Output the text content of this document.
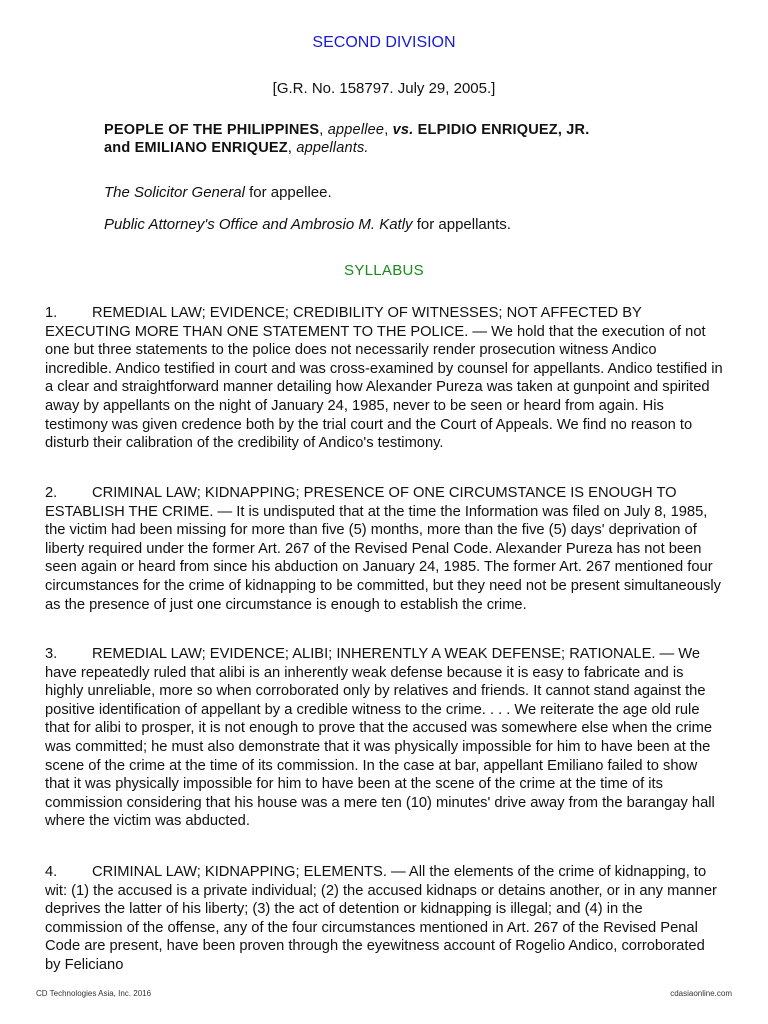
SECOND DIVISION
[G.R. No. 158797. July 29, 2005.]
PEOPLE OF THE PHILIPPINES, appellee, vs. ELPIDIO ENRIQUEZ, JR.
and EMILIANO ENRIQUEZ, appellants.
The Solicitor General for appellee.
Public Attorney's Office and Ambrosio M. Katly for appellants.
SYLLABUS

1. REMEDIAL LAW; EVIDENCE; CREDIBILITY OF WITNESSES; NOT AFFECTED BY EXECUTING MORE THAN ONE STATEMENT TO THE POLICE. — We hold that the execution of not one but three statements to the police does not necessarily render prosecution witness Andico incredible. Andico testified in court and was cross-examined by counsel for appellants. Andico testified in a clear and straightforward manner detailing how Alexander Pureza was taken at gunpoint and spirited away by appellants on the night of January 24, 1985, never to be seen or heard from again. His testimony was given credence both by the trial court and the Court of Appeals. We find no reason to disturb their calibration of the credibility of Andico's testimony.

2. CRIMINAL LAW; KIDNAPPING; PRESENCE OF ONE CIRCUMSTANCE IS ENOUGH TO ESTABLISH THE CRIME. — It is undisputed that at the time the Information was filed on July 8, 1985, the victim had been missing for more than five (5) months, more than the five (5) days' deprivation of liberty required under the former Art. 267 of the Revised Penal Code. Alexander Pureza has not been seen again or heard from since his abduction on January 24, 1985. The former Art. 267 mentioned four circumstances for the crime of kidnapping to be committed, but they need not be present simultaneously as the presence of just one circumstance is enough to establish the crime.

3. REMEDIAL LAW; EVIDENCE; ALIBI; INHERENTLY A WEAK DEFENSE; RATIONALE. — We have repeatedly ruled that alibi is an inherently weak defense because it is easy to fabricate and is highly unreliable, more so when corroborated only by relatives and friends. It cannot stand against the positive identification of appellant by a credible witness to the crime. . . . We reiterate the age old rule that for alibi to prosper, it is not enough to prove that the accused was somewhere else when the crime was committed; he must also demonstrate that it was physically impossible for him to have been at the scene of the crime at the time of its commission. In the case at bar, appellant Emiliano failed to show that it was physically impossible for him to have been at the scene of the crime at the time of its commission considering that his house was a mere ten (10) minutes' drive away from the barangay hall where the victim was abducted.

4. CRIMINAL LAW; KIDNAPPING; ELEMENTS. — All the elements of the crime of kidnapping, to wit: (1) the accused is a private individual; (2) the accused kidnaps or detains another, or in any manner deprives the latter of his liberty; (3) the act of detention or kidnapping is illegal; and (4) in the commission of the offense, any of the four circumstances mentioned in Art. 267 of the Revised Penal Code are present, have been proven through the eyewitness account of Rogelio Andico, corroborated by Feliciano

CD Technologies Asia, Inc. 2016	cdasiaonline.com
